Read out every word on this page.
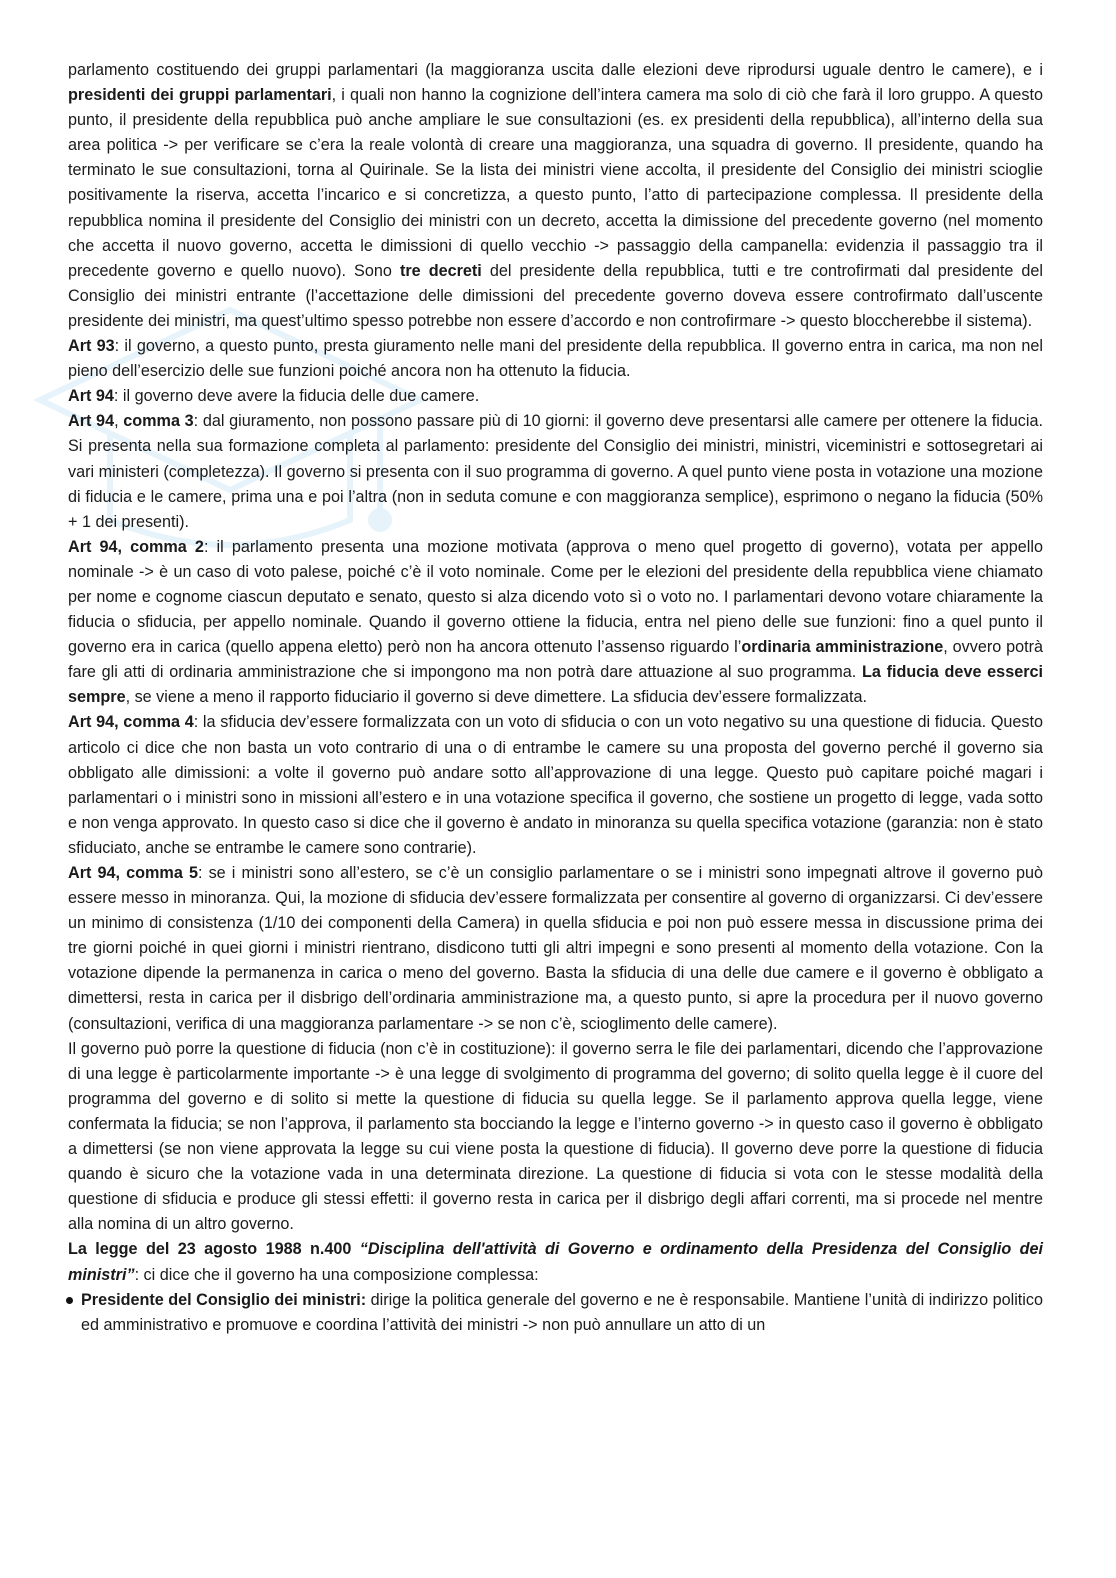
parlamento costituendo dei gruppi parlamentari (la maggioranza uscita dalle elezioni deve riprodursi uguale dentro le camere), e i presidenti dei gruppi parlamentari, i quali non hanno la cognizione dell’intera camera ma solo di ciò che farà il loro gruppo. A questo punto, il presidente della repubblica può anche ampliare le sue consultazioni (es. ex presidenti della repubblica), all’interno della sua area politica -> per verificare se c’era la reale volontà di creare una maggioranza, una squadra di governo. Il presidente, quando ha terminato le sue consultazioni, torna al Quirinale. Se la lista dei ministri viene accolta, il presidente del Consiglio dei ministri scioglie positivamente la riserva, accetta l’incarico e si concretizza, a questo punto, l’atto di partecipazione complessa. Il presidente della repubblica nomina il presidente del Consiglio dei ministri con un decreto, accetta la dimissione del precedente governo (nel momento che accetta il nuovo governo, accetta le dimissioni di quello vecchio -> passaggio della campanella: evidenzia il passaggio tra il precedente governo e quello nuovo). Sono tre decreti del presidente della repubblica, tutti e tre controfirmati dal presidente del Consiglio dei ministri entrante (l’accettazione delle dimissioni del precedente governo doveva essere controfirmato dall’uscente presidente dei ministri, ma quest’ultimo spesso potrebbe non essere d’accordo e non controfirmare -> questo bloccherebbe il sistema).

Art 93: il governo, a questo punto, presta giuramento nelle mani del presidente della repubblica. Il governo entra in carica, ma non nel pieno dell’esercizio delle sue funzioni poiché ancora non ha ottenuto la fiducia.

Art 94: il governo deve avere la fiducia delle due camere.

Art 94, comma 3: dal giuramento, non possono passare più di 10 giorni: il governo deve presentarsi alle camere per ottenere la fiducia. Si presenta nella sua formazione completa al parlamento: presidente del Consiglio dei ministri, ministri, viceministri e sottosegretari ai vari ministeri (completezza). Il governo si presenta con il suo programma di governo. A quel punto viene posta in votazione una mozione di fiducia e le camere, prima una e poi l’altra (non in seduta comune e con maggioranza semplice), esprimono o negano la fiducia (50% + 1 dei presenti).

Art 94, comma 2: il parlamento presenta una mozione motivata (approva o meno quel progetto di governo), votata per appello nominale -> è un caso di voto palese, poiché c’è il voto nominale. Come per le elezioni del presidente della repubblica viene chiamato per nome e cognome ciascun deputato e senato, questo si alza dicendo voto sì o voto no. I parlamentari devono votare chiaramente la fiducia o sfiducia, per appello nominale. Quando il governo ottiene la fiducia, entra nel pieno delle sue funzioni: fino a quel punto il governo era in carica (quello appena eletto) però non ha ancora ottenuto l’assenso riguardo l’ordinaria amministrazione, ovvero potrà fare gli atti di ordinaria amministrazione che si impongono ma non potrà dare attuazione al suo programma. La fiducia deve esserci sempre, se viene a meno il rapporto fiduciario il governo si deve dimettere. La sfiducia dev’essere formalizzata.

Art 94, comma 4: la sfiducia dev’essere formalizzata con un voto di sfiducia o con un voto negativo su una questione di fiducia. Questo articolo ci dice che non basta un voto contrario di una o di entrambe le camere su una proposta del governo perché il governo sia obbligato alle dimissioni: a volte il governo può andare sotto all’approvazione di una legge. Questo può capitare poiché magari i parlamentari o i ministri sono in missioni all’estero e in una votazione specifica il governo, che sostiene un progetto di legge, vada sotto e non venga approvato. In questo caso si dice che il governo è andato in minoranza su quella specifica votazione (garanzia: non è stato sfiduciato, anche se entrambe le camere sono contrarie).

Art 94, comma 5: se i ministri sono all’estero, se c’è un consiglio parlamentare o se i ministri sono impegnati altrove il governo può essere messo in minoranza. Qui, la mozione di sfiducia dev’essere formalizzata per consentire al governo di organizzarsi. Ci dev’essere un minimo di consistenza (1/10 dei componenti della Camera) in quella sfiducia e poi non può essere messa in discussione prima dei tre giorni poiché in quei giorni i ministri rientrano, disdicono tutti gli altri impegni e sono presenti al momento della votazione. Con la votazione dipende la permanenza in carica o meno del governo. Basta la sfiducia di una delle due camere e il governo è obbligato a dimettersi, resta in carica per il disbrigo dell’ordinaria amministrazione ma, a questo punto, si apre la procedura per il nuovo governo (consultazioni, verifica di una maggioranza parlamentare -> se non c’è, scioglimento delle camere).

Il governo può porre la questione di fiducia (non c’è in costituzione): il governo serra le file dei parlamentari, dicendo che l’approvazione di una legge è particolarmente importante -> è una legge di svolgimento di programma del governo; di solito quella legge è il cuore del programma del governo e di solito si mette la questione di fiducia su quella legge. Se il parlamento approva quella legge, viene confermata la fiducia; se non l’approva, il parlamento sta bocciando la legge e l’interno governo -> in questo caso il governo è obbligato a dimettersi (se non viene approvata la legge su cui viene posta la questione di fiducia). Il governo deve porre la questione di fiducia quando è sicuro che la votazione vada in una determinata direzione. La questione di fiducia si vota con le stesse modalità della questione di sfiducia e produce gli stessi effetti: il governo resta in carica per il disbrigo degli affari correnti, ma si procede nel mentre alla nomina di un altro governo.

La legge del 23 agosto 1988 n.400 “Disciplina dell'attività di Governo e ordinamento della Presidenza del Consiglio dei ministri”: ci dice che il governo ha una composizione complessa:

Presidente del Consiglio dei ministri: dirige la politica generale del governo e ne è responsabile. Mantiene l’unità di indirizzo politico ed amministrativo e promuove e coordina l’attività dei ministri -> non può annullare un atto di un
